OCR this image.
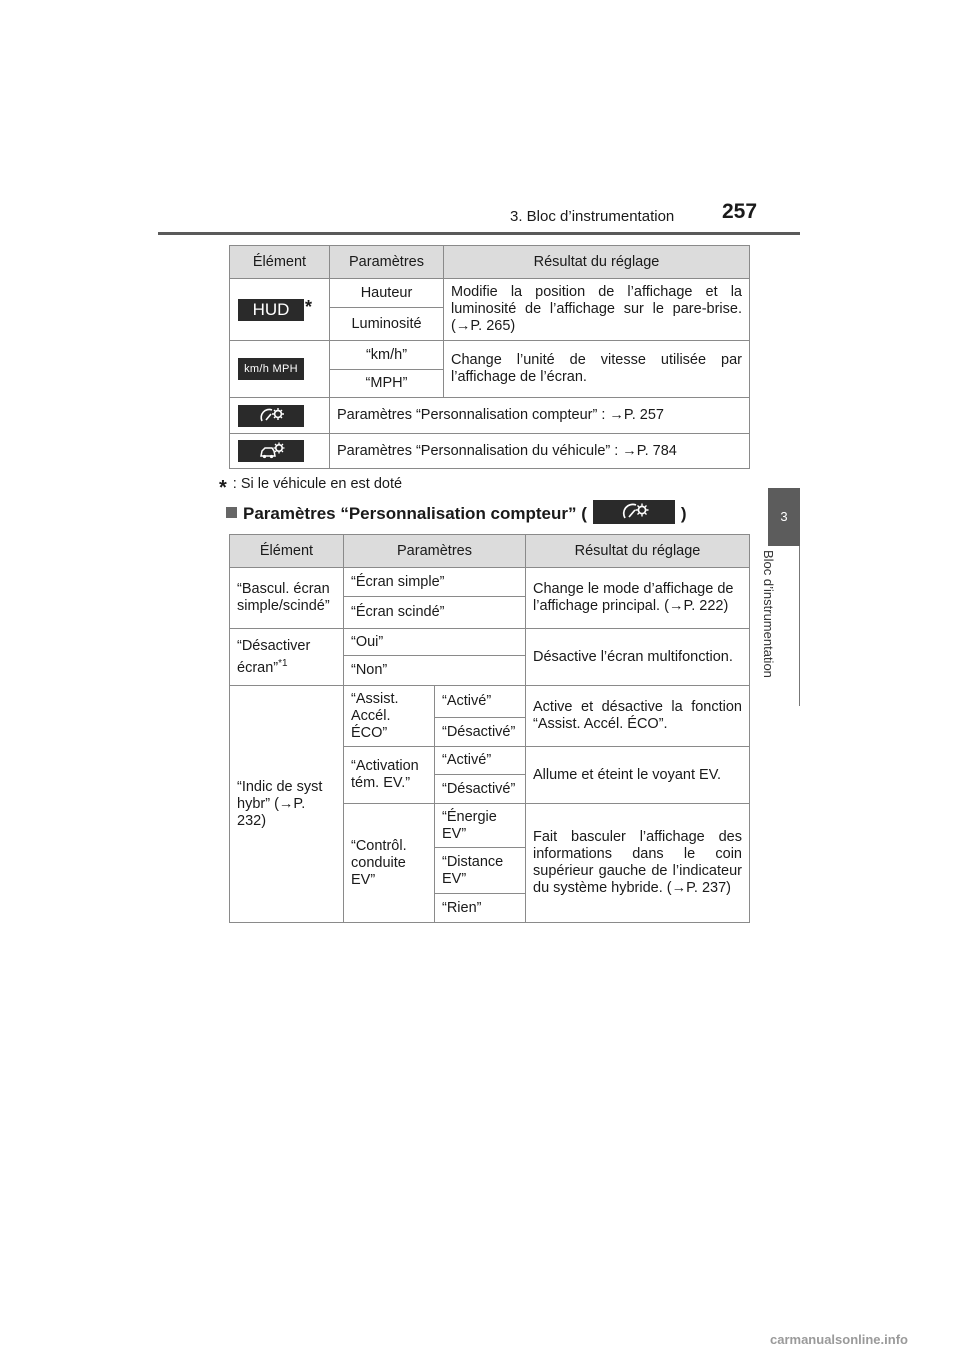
3. Bloc d’instrumentation 257
3
Bloc d’instrumentation
Élément	Paramètres	Résultat du réglage
HUD *	Hauteur	Modifie la position de l’affichage et la luminosité de l’affichage sur le pare-brise. (→P. 265)
	Luminosité	
km/h MPH	“km/h”	Change l’unité de vitesse utilisée par l’affichage de l’écran.
	“MPH”	

	Paramètres “Personnalisation compteur” : →P. 257	

	Paramètres “Personnalisation du véhicule” : →P. 784	
* : Si le véhicule en est doté
Paramètres “Personnalisation compteur” (	)
Élément	Paramètres		Résultat du réglage
“Bascul. écran simple/scindé”	“Écran simple”		Change le mode d’affichage de l’affichage principal. (→P. 222)
	“Écran scindé”		
“Désactiver écran”$^{*1}$	“Oui”		Désactive l’écran multifonction.
	“Non”		
“Indic de syst hybr” (→P. 232)	“Assist. Accél. ÉCO”	“Activé”	Active et désactive la fonction “Assist. Accél. ÉCO”.
		“Désactivé”	
	“Activation tém. EV.”	“Activé”	Allume et éteint le voyant EV.
		“Désactivé”	
	“Contrôl. conduite EV”	“Énergie EV”	Fait basculer l’affichage des informations dans le coin supérieur gauche de l’indicateur du système hybride. (→P. 237)
		“Distance EV”	
		“Rien”	
carmanualsonline.info
